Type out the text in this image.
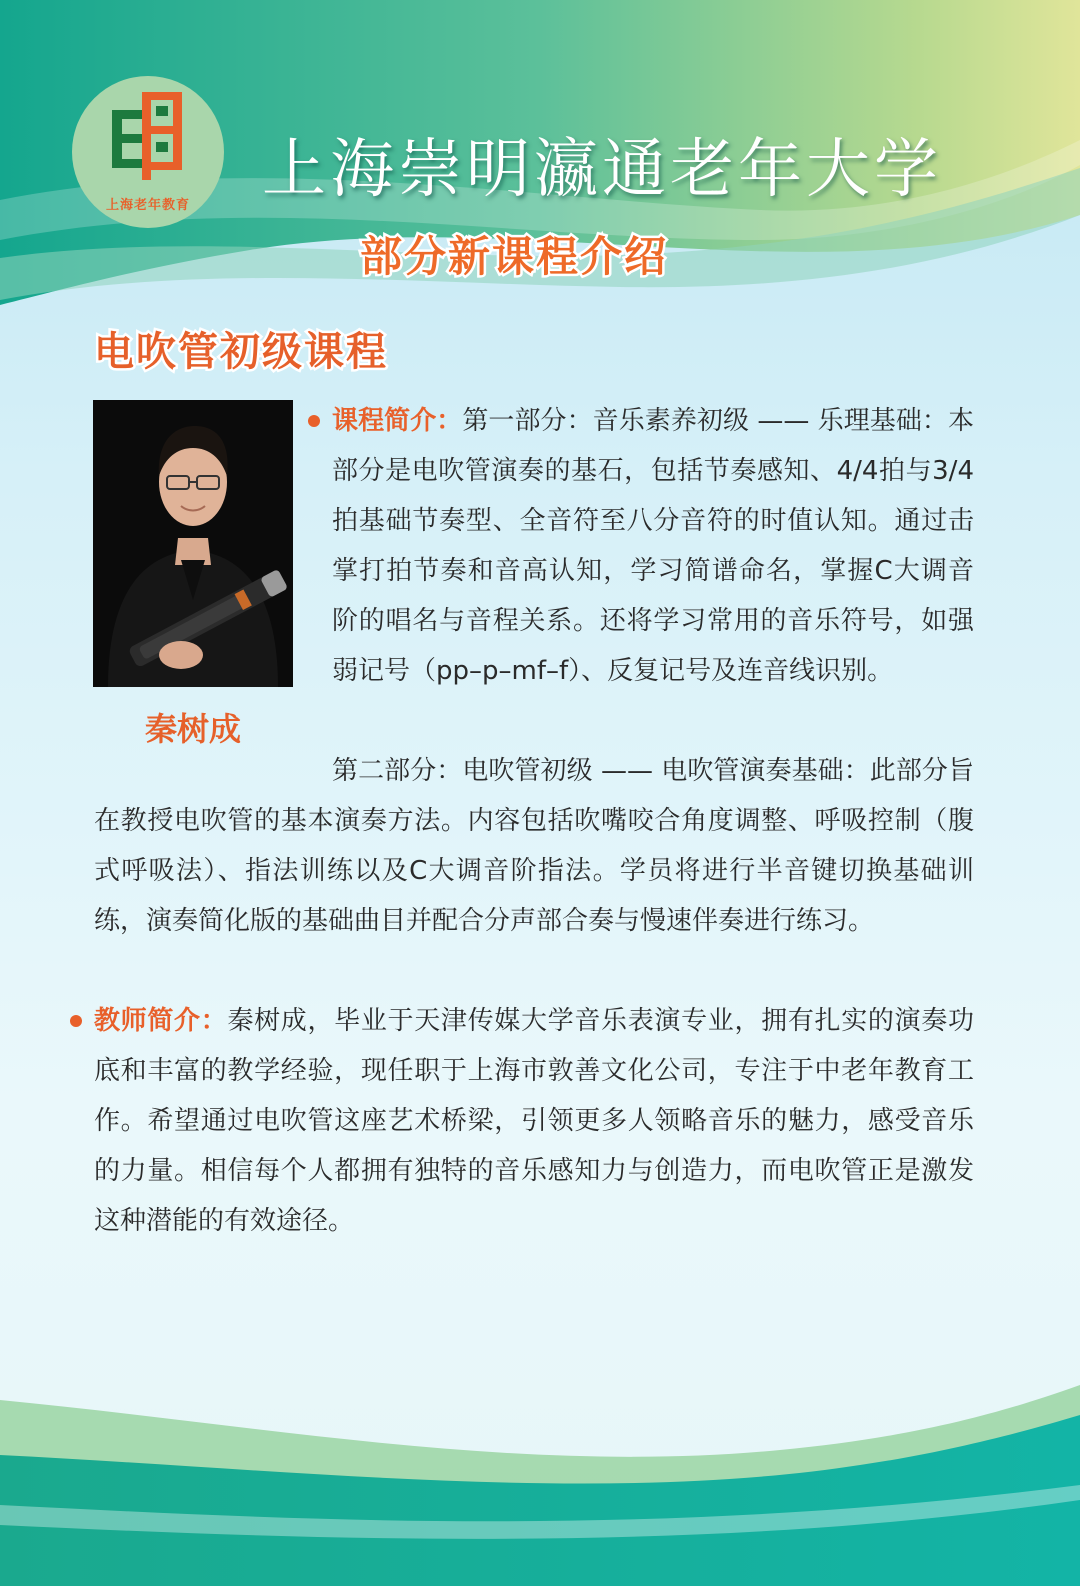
上海老年教育	上海崇明瀛通老年大学
部分新课程介绍
电吹管初级课程
秦树成
课程简介：第一部分：音乐素养初级 —— 乐理基础：本部分是电吹管演奏的基石，包括节奏感知、4/4拍与3/4拍基础节奏型、全音符至八分音符的时值认知。通过击掌打拍节奏和音高认知，学习简谱命名，掌握C大调音阶的唱名与音程关系。还将学习常用的音乐符号，如强弱记号（pp–p–mf–f）、反复记号及连音线识别。
第二部分：电吹管初级 —— 电吹管演奏基础：此部分旨在教授电吹管的基本演奏方法。内容包括吹嘴咬合角度调整、呼吸控制（腹式呼吸法）、指法训练以及C大调音阶指法。学员将进行半音键切换基础训练，演奏简化版的基础曲目并配合分声部合奏与慢速伴奏进行练习。
教师简介：秦树成，毕业于天津传媒大学音乐表演专业，拥有扎实的演奏功底和丰富的教学经验，现任职于上海市敦善文化公司，专注于中老年教育工作。希望通过电吹管这座艺术桥梁，引领更多人领略音乐的魅力，感受音乐的力量。相信每个人都拥有独特的音乐感知力与创造力，而电吹管正是激发这种潜能的有效途径。
